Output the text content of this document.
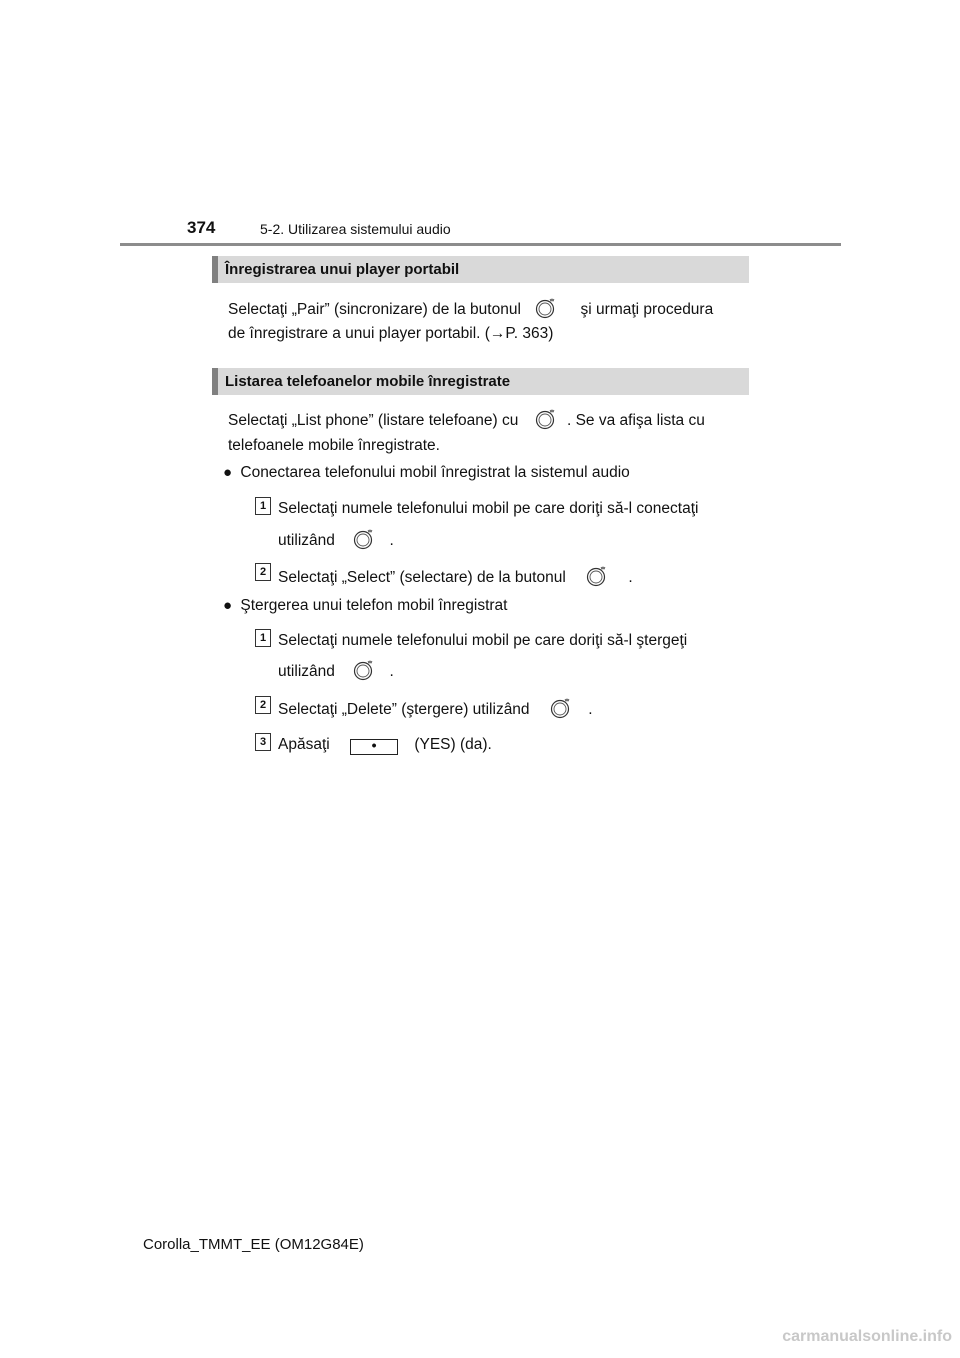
374	5-2. Utilizarea sistemului audio
Înregistrarea unui player portabil
Selectaţi „Pair” (sincronizare) de la butonul	şi urmaţi procedura
de înregistrare a unui player portabil. (→P. 363)
Listarea telefoanelor mobile înregistrate
Selectaţi „List phone” (listare telefoane) cu	. Se va afişa lista cu
telefoanele mobile înregistrate.
● Conectarea telefonului mobil înregistrat la sistemul audio
1 Selectaţi numele telefonului mobil pe care doriţi să-l conectaţi
utilizând	.
2 Selectaţi „Select” (selectare) de la butonul	.
● Ştergerea unui telefon mobil înregistrat
1 Selectaţi numele telefonului mobil pe care doriţi să-l ştergeţi
utilizând	.
2 Selectaţi „Delete” (ştergere) utilizând	.
3 Apăsaţi	• (YES) (da).
Corolla_TMMT_EE (OM12G84E)
carmanualsonline.info
